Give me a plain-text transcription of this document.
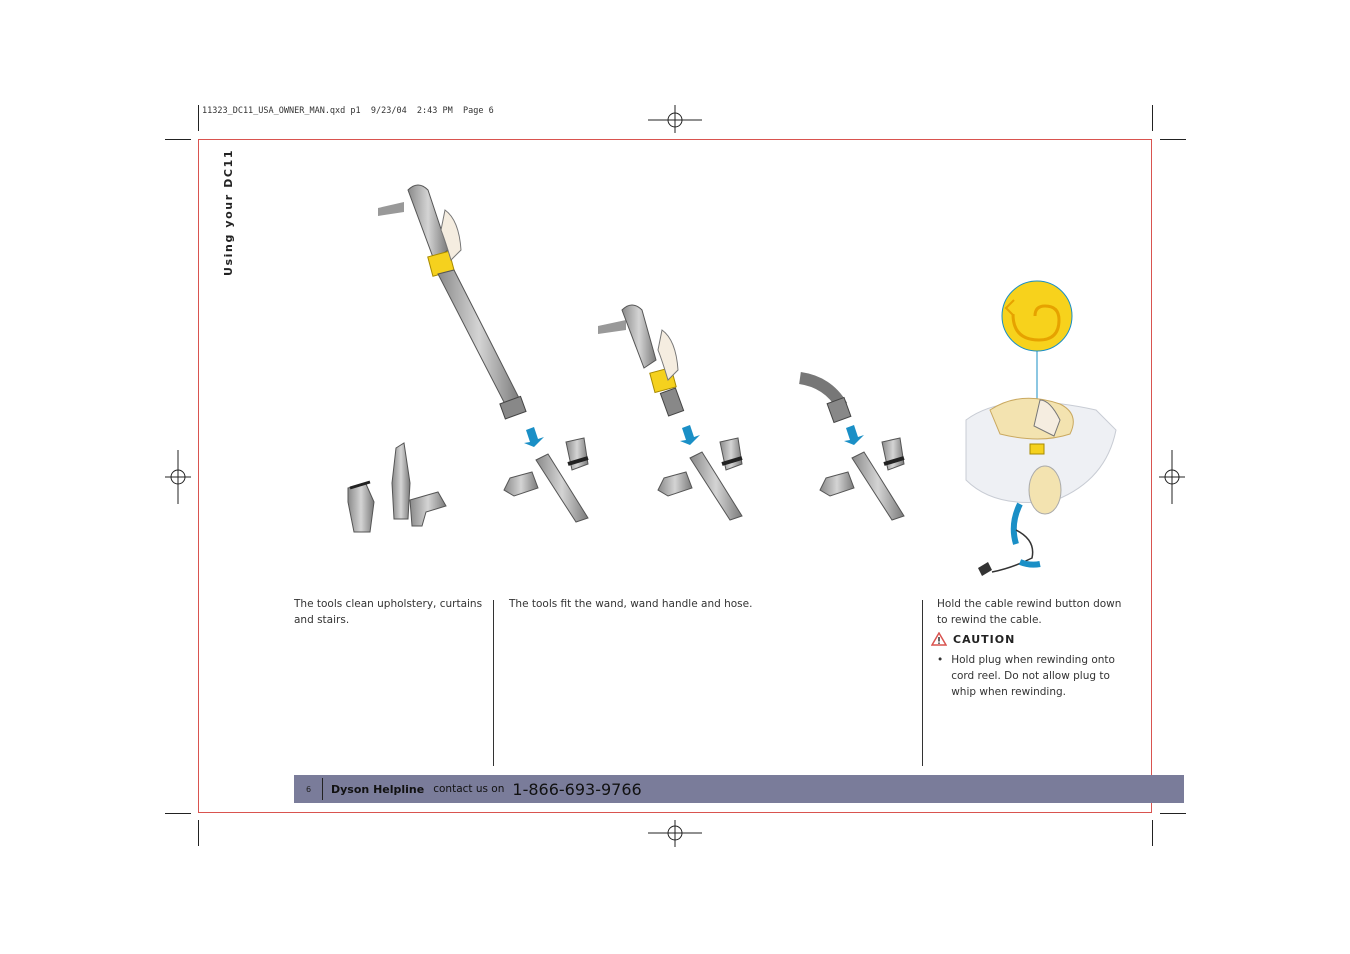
11323_DC11_USA_OWNER_MAN.qxd p1  9/23/04  2:43 PM  Page 6
Using your DC11
The tools clean upholstery, curtains and stairs.
The tools fit the wand, wand handle and hose.	Hold the cable rewind button down to rewind the cable.
CAUTION
• Hold plug when rewinding onto cord reel. Do not allow plug to whip when rewinding.
6	Dyson Helpline contact us on 1-866-693-9766
